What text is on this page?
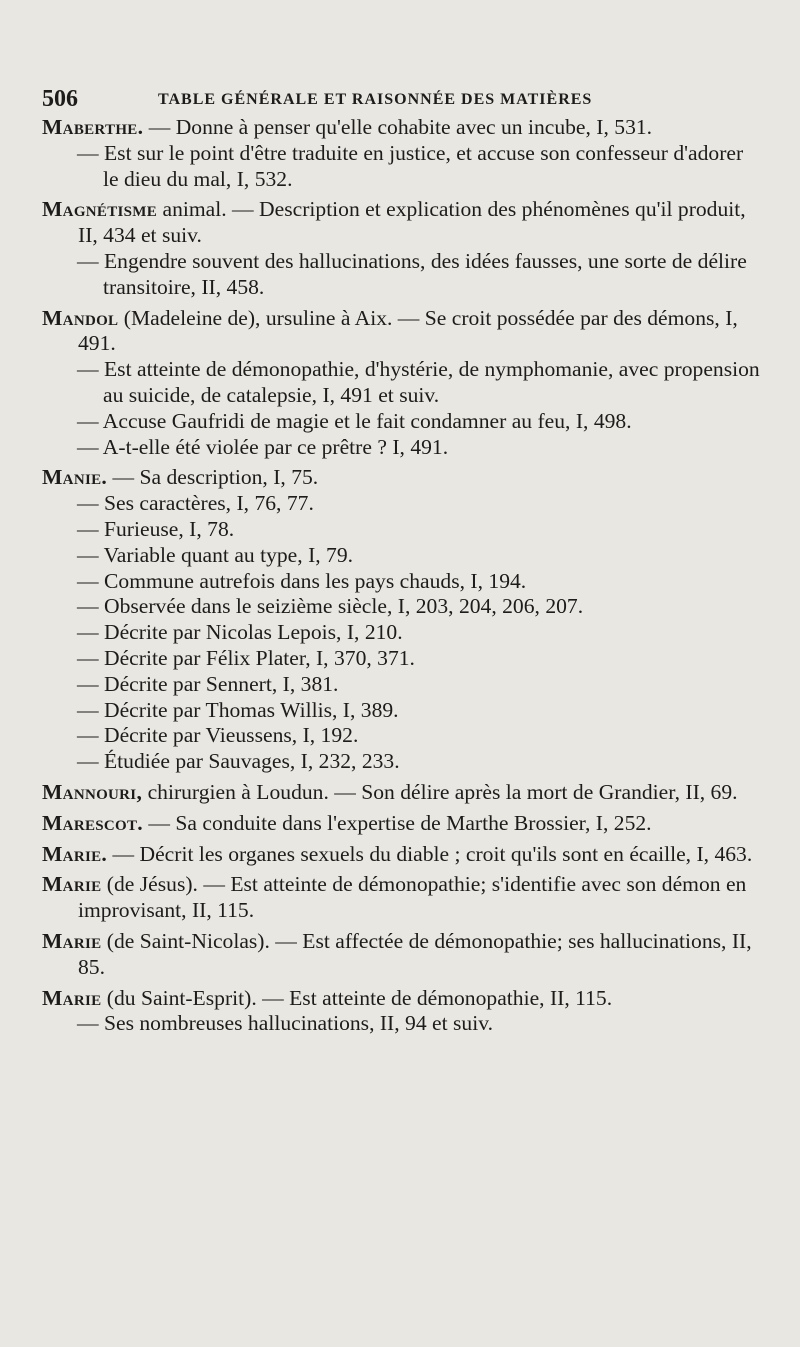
506	TABLE GÉNÉRALE ET RAISONNÉE DES MATIÈRES

Maberthe. — Donne à penser qu'elle cohabite avec un incube, I, 531.

— Est sur le point d'être traduite en justice, et accuse son confesseur d'adorer le dieu du mal, I, 532.

Magnétisme animal. — Description et explication des phénomènes qu'il produit, II, 434 et suiv.

— Engendre souvent des hallucinations, des idées fausses, une sorte de délire transitoire, II, 458.

Mandol (Madeleine de), ursuline à Aix. — Se croit possédée par des démons, I, 491.

— Est atteinte de démonopathie, d'hystérie, de nymphomanie, avec propension au suicide, de catalepsie, I, 491 et suiv.

— Accuse Gaufridi de magie et le fait condamner au feu, I, 498.

— A-t-elle été violée par ce prêtre ? I, 491.

Manie. — Sa description, I, 75.

— Ses caractères, I, 76, 77.

— Furieuse, I, 78.

— Variable quant au type, I, 79.

— Commune autrefois dans les pays chauds, I, 194.

— Observée dans le seizième siècle, I, 203, 204, 206, 207.

— Décrite par Nicolas Lepois, I, 210.

— Décrite par Félix Plater, I, 370, 371.

— Décrite par Sennert, I, 381.

— Décrite par Thomas Willis, I, 389.

— Décrite par Vieussens, I, 192.

— Étudiée par Sauvages, I, 232, 233.

Mannouri, chirurgien à Loudun. — Son délire après la mort de Grandier, II, 69.

Marescot. — Sa conduite dans l'expertise de Marthe Brossier, I, 252.

Marie. — Décrit les organes sexuels du diable ; croit qu'ils sont en écaille, I, 463.

Marie (de Jésus). — Est atteinte de démonopathie; s'identifie avec son démon en improvisant, II, 115.

Marie (de Saint-Nicolas). — Est affectée de démonopathie; ses hallucinations, II, 85.

Marie (du Saint-Esprit). — Est atteinte de démonopathie, II, 115.

— Ses nombreuses hallucinations, II, 94 et suiv.
